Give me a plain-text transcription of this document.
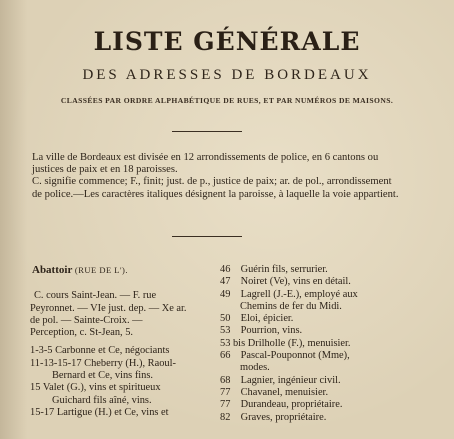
LISTE GÉNÉRALE
DES ADRESSES DE BORDEAUX
CLASSÉES PAR ORDRE ALPHABÉTIQUE DE RUES, ET PAR NUMÉROS DE MAISONS.

La ville de Bordeaux est divisée en 12 arrondissements de police, en 6 cantons ou justices de paix et en 18 paroisses.

C. signifie commence; F., finit; just. de p., justice de paix; ar. de pol., arrondissement de police.—Les caractères italiques désignent la paroisse, à laquelle la voie appartient.

Abattoir (RUE DE L').

C. cours Saint-Jean. — F. rue Peyronnet. — VIe just. dep. — Xe ar. de pol. — Sainte-Croix. — Perception, c. St-Jean, 5.

1-3-5 Carbonne et Ce, négociants

11-13-15-17 Cheberry (H.), Raoul-Bernard et Ce, vins fins.

15 Valet (G.), vins et spiritueux Guichard fils aîné, vins.

15-17 Lartigue (H.) et Ce, vins et

46 Guérin fils, serrurier.

47 Noiret (Ve), vins en détail.

49 Lagrell (J.-E.), employé aux
Chemins de fer du Midi.

50 Eloi, épicier.

53 Pourrion, vins.

53 bis Drilholle (F.), menuisier.

66 Pascal-Pouponnot (Mme),
modes.

68 Lagnier, ingénieur civil.

77 Chavanel, menuisier.

77 Durandeau, propriétaire.

82 Graves, propriétaire.
